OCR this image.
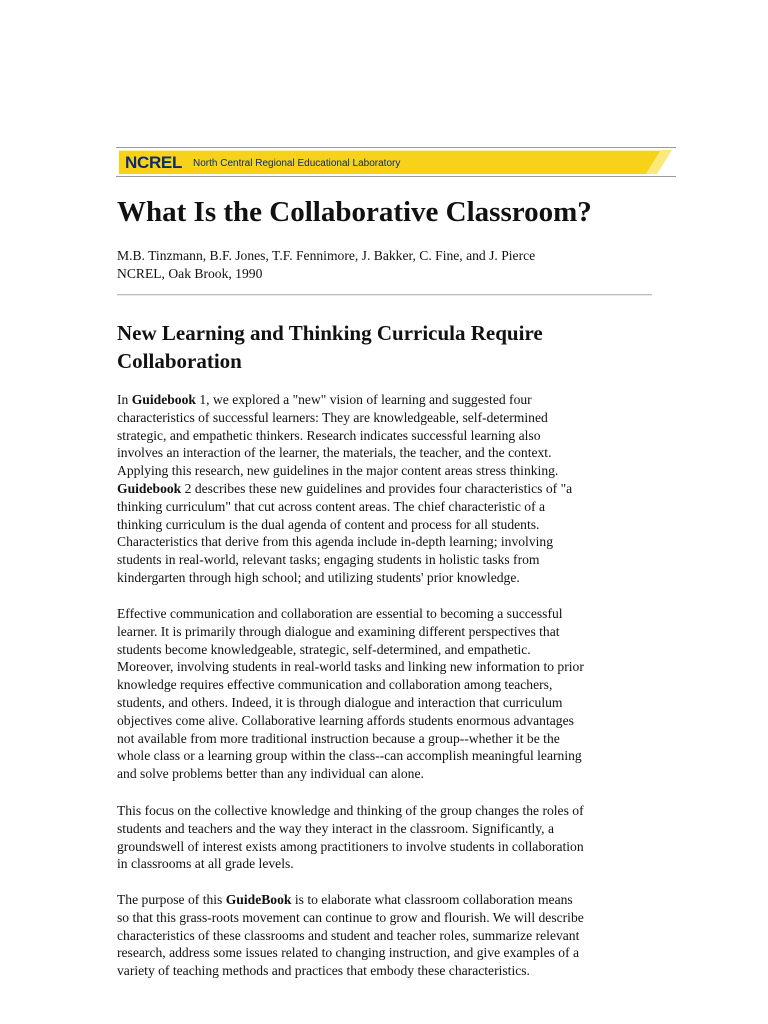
NCREL North Central Regional Educational Laboratory
What Is the Collaborative Classroom?
M.B. Tinzmann, B.F. Jones, T.F. Fennimore, J. Bakker, C. Fine, and J. Pierce
NCREL, Oak Brook, 1990
New Learning and Thinking Curricula Require Collaboration
In Guidebook 1, we explored a "new" vision of learning and suggested four
characteristics of successful learners: They are knowledgeable, self-determined
strategic, and empathetic thinkers. Research indicates successful learning also
involves an interaction of the learner, the materials, the teacher, and the context.
Applying this research, new guidelines in the major content areas stress thinking.
Guidebook 2 describes these new guidelines and provides four characteristics of "a
thinking curriculum" that cut across content areas. The chief characteristic of a
thinking curriculum is the dual agenda of content and process for all students.
Characteristics that derive from this agenda include in-depth learning; involving
students in real-world, relevant tasks; engaging students in holistic tasks from
kindergarten through high school; and utilizing students' prior knowledge.
Effective communication and collaboration are essential to becoming a successful
learner. It is primarily through dialogue and examining different perspectives that
students become knowledgeable, strategic, self-determined, and empathetic.
Moreover, involving students in real-world tasks and linking new information to prior
knowledge requires effective communication and collaboration among teachers,
students, and others. Indeed, it is through dialogue and interaction that curriculum
objectives come alive. Collaborative learning affords students enormous advantages
not available from more traditional instruction because a group--whether it be the
whole class or a learning group within the class--can accomplish meaningful learning
and solve problems better than any individual can alone.
This focus on the collective knowledge and thinking of the group changes the roles of
students and teachers and the way they interact in the classroom. Significantly, a
groundswell of interest exists among practitioners to involve students in collaboration
in classrooms at all grade levels.
The purpose of this GuideBook is to elaborate what classroom collaboration means
so that this grass-roots movement can continue to grow and flourish. We will describe
characteristics of these classrooms and student and teacher roles, summarize relevant
research, address some issues related to changing instruction, and give examples of a
variety of teaching methods and practices that embody these characteristics.
